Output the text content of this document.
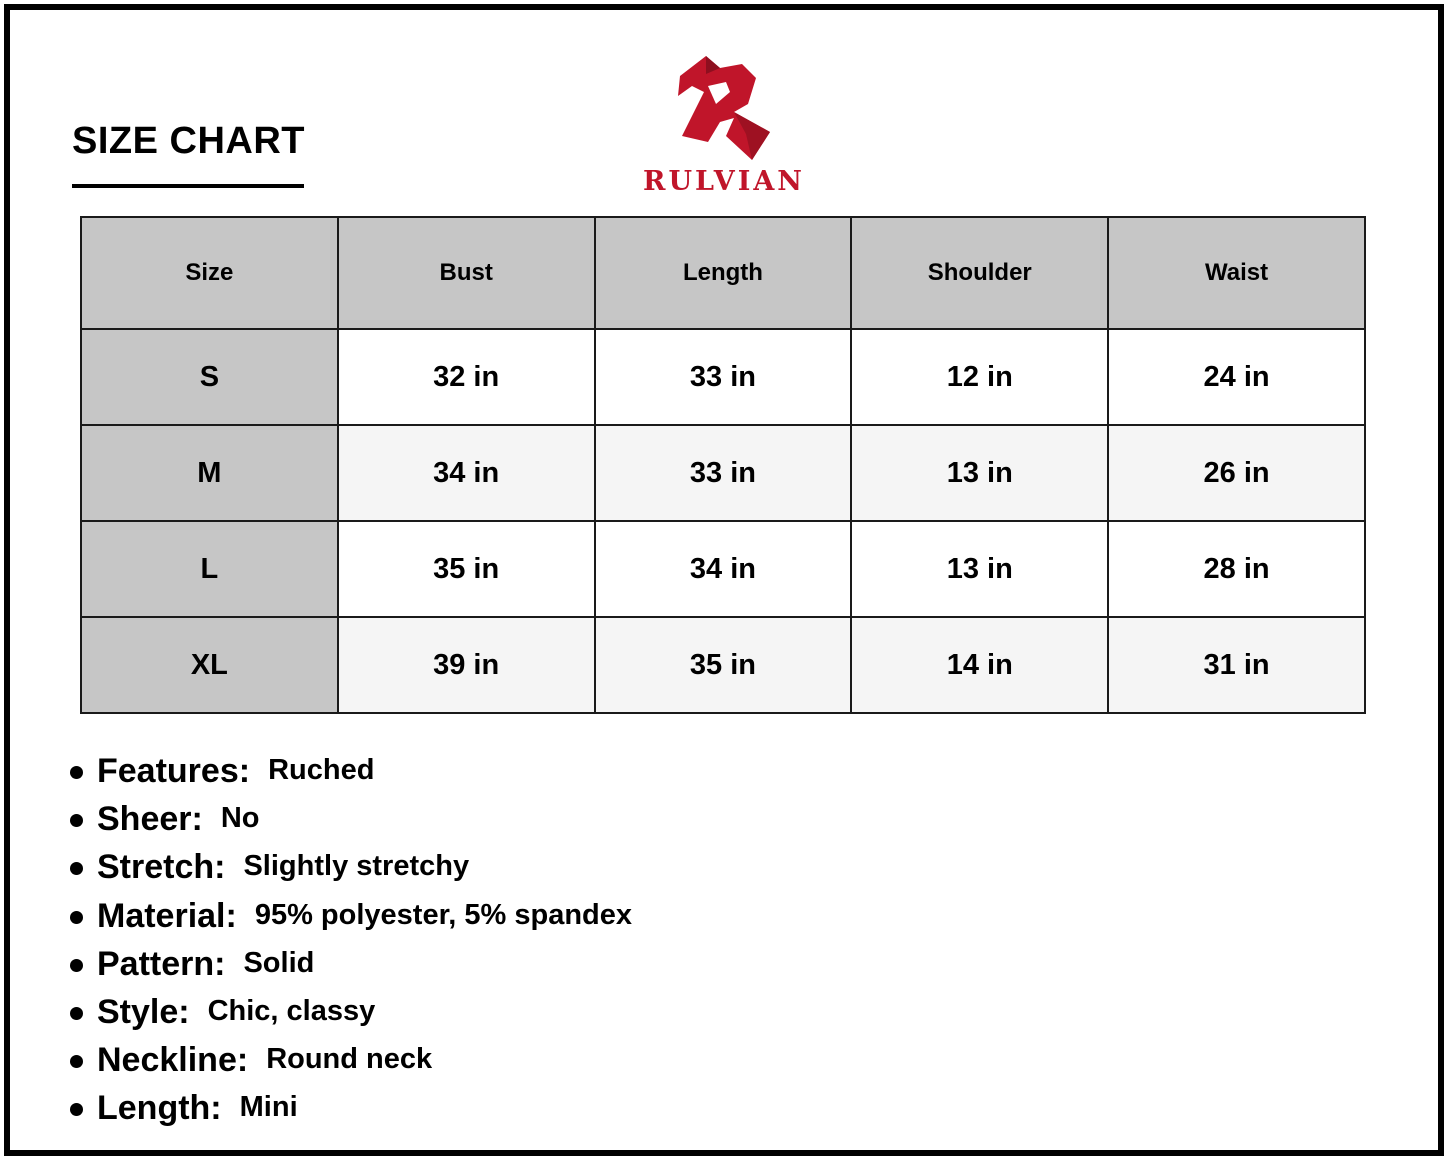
SIZE CHART
RULVIAN
Size	Bust	Length	Shoulder	Waist
S	32 in	33 in	12 in	24 in
M	34 in	33 in	13 in	26 in
L	35 in	34 in	13 in	28 in
XL	39 in	35 in	14 in	31 in
Features: Ruched
Sheer: No
Stretch: Slightly stretchy
Material: 95% polyester, 5% spandex
Pattern: Solid
Style: Chic, classy
Neckline: Round neck
Length: Mini
